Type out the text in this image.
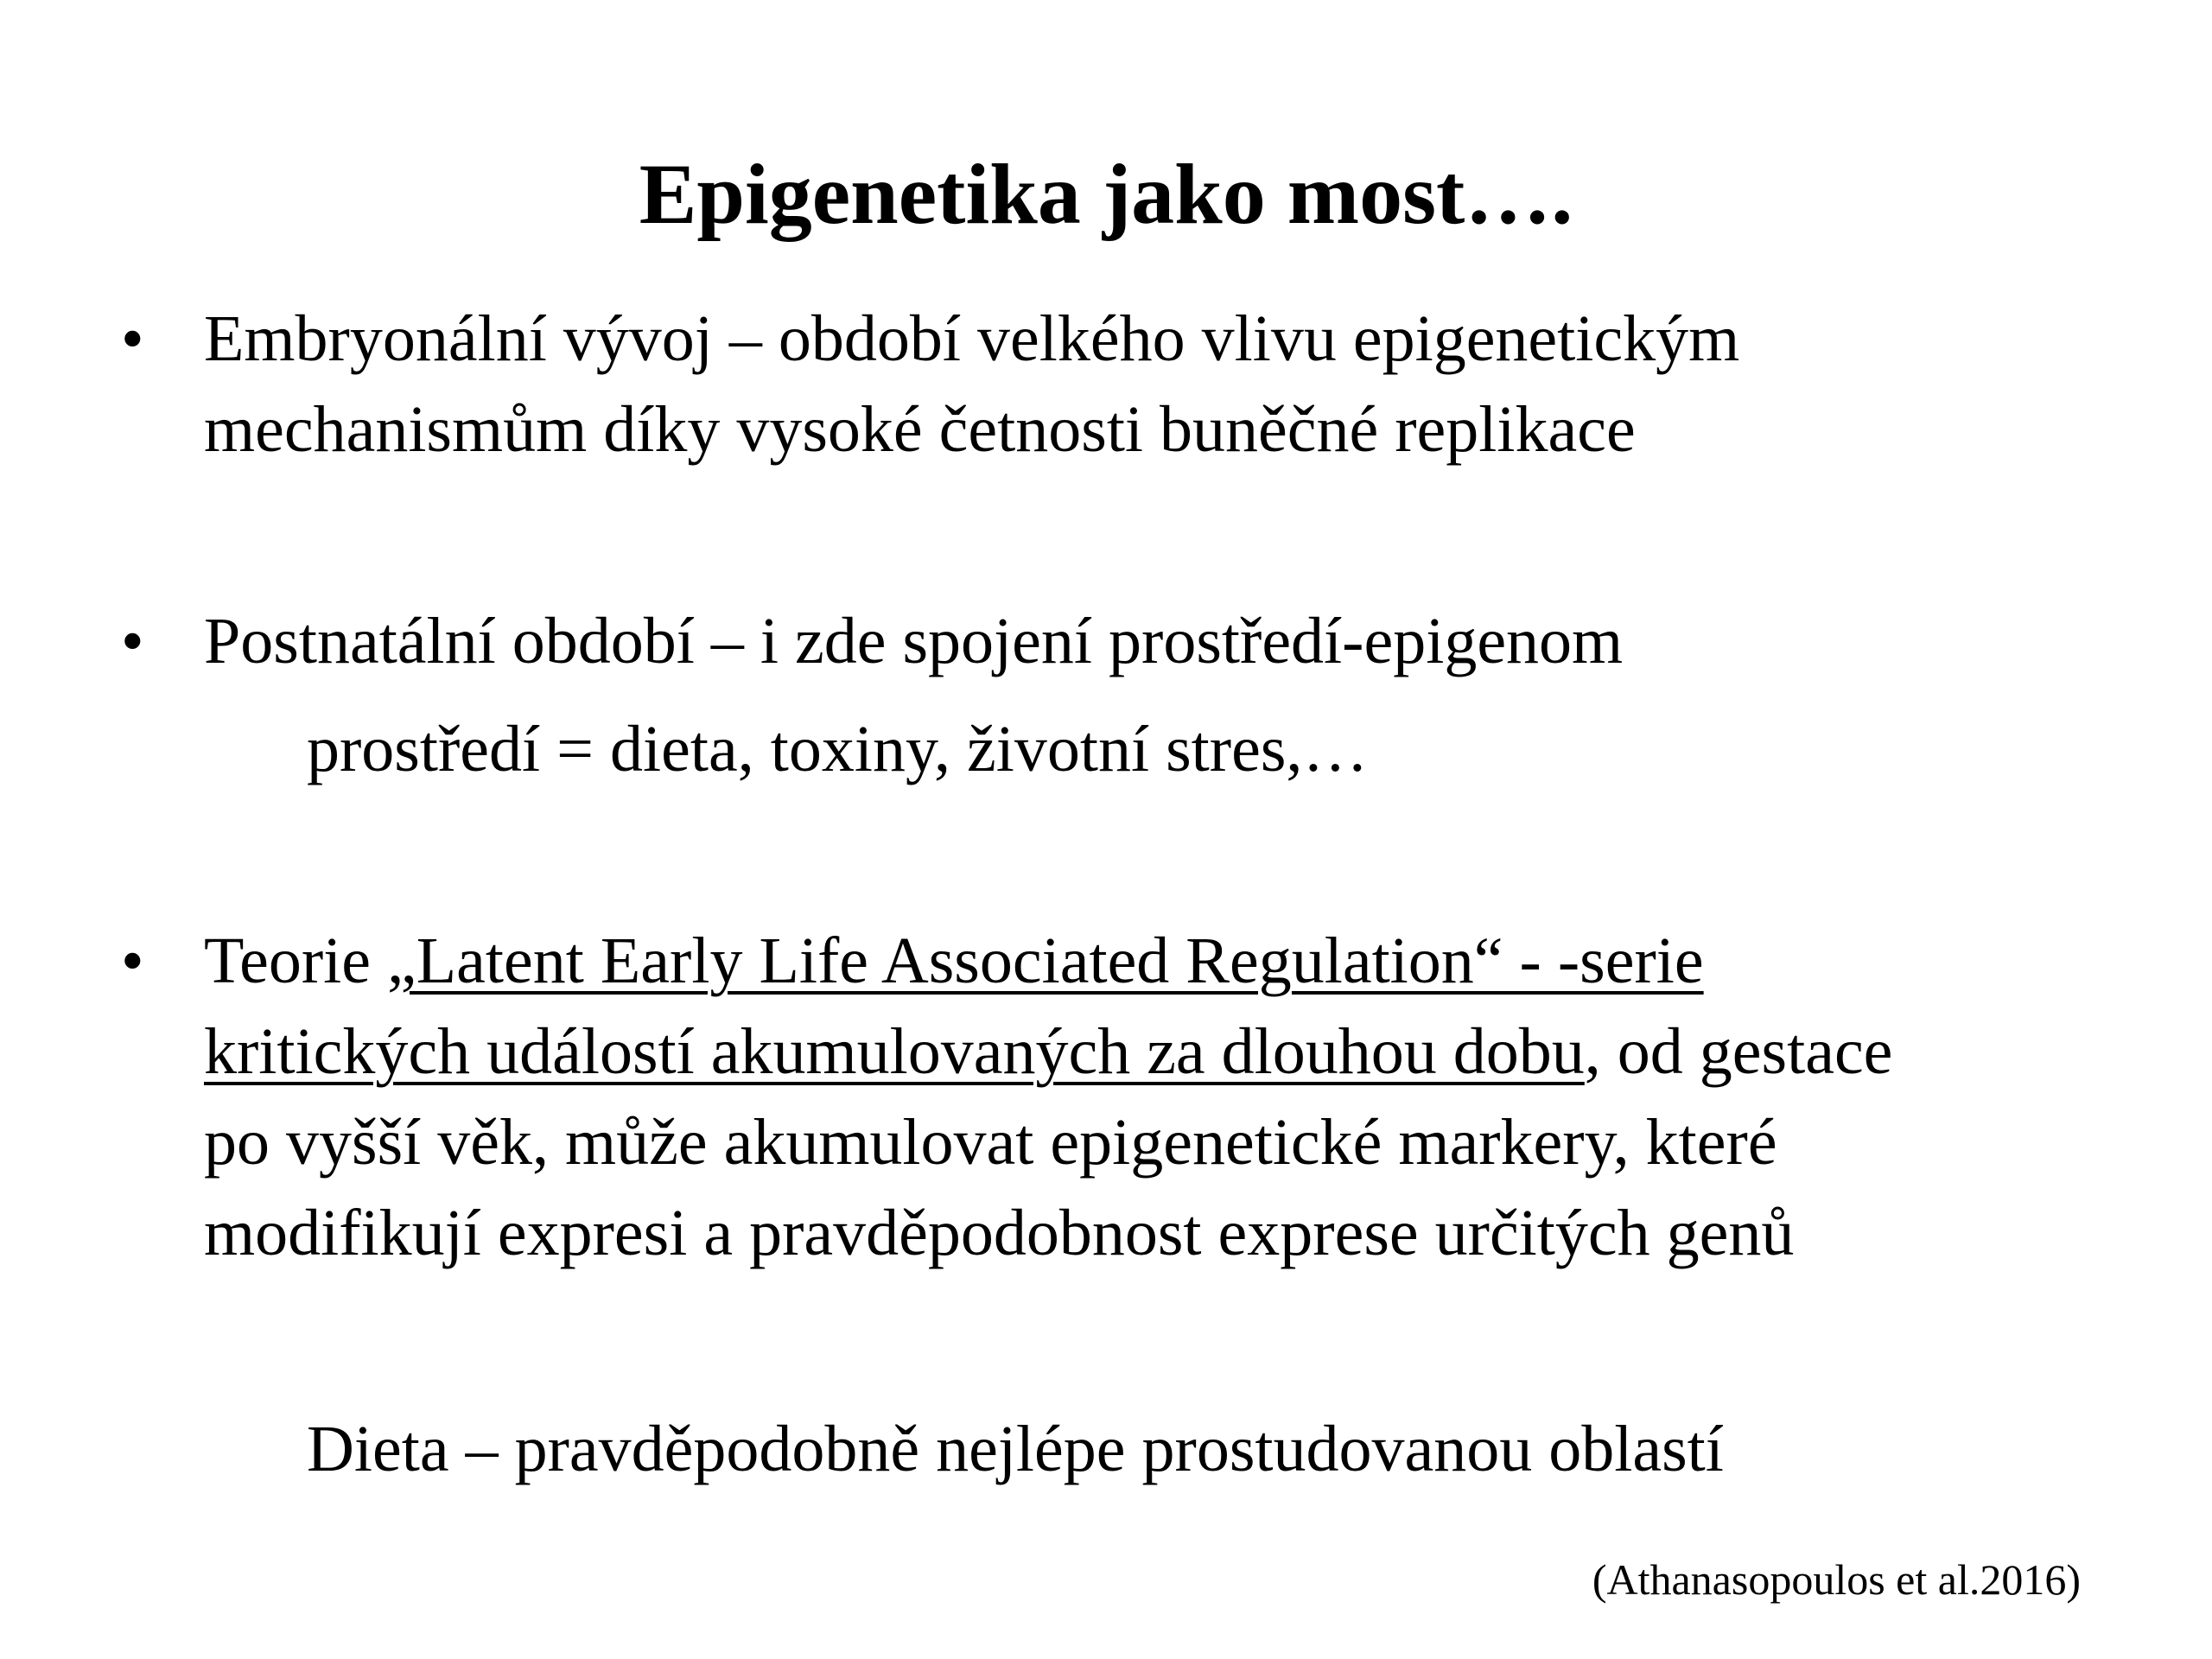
Epigenetika jako most….
• Embryonální vývoj – období velkého vlivu epigenetickým
mechanismům díky vysoké četnosti buněčné replikace
• Postnatální období – i zde spojení prostředí-epigenom
prostředí = dieta, toxiny, životní stres,…
• Teorie „Latent Early Life Associated Regulation“ - -serie
kritických událostí akumulovaných za dlouhou dobu, od gestace
po vyšší věk, může akumulovat epigenetické markery, které
modifikují expresi a pravděpodobnost exprese určitých genů
Dieta – pravděpodobně nejlépe prostudovanou oblastí
(Athanasopoulos et al.2016)
